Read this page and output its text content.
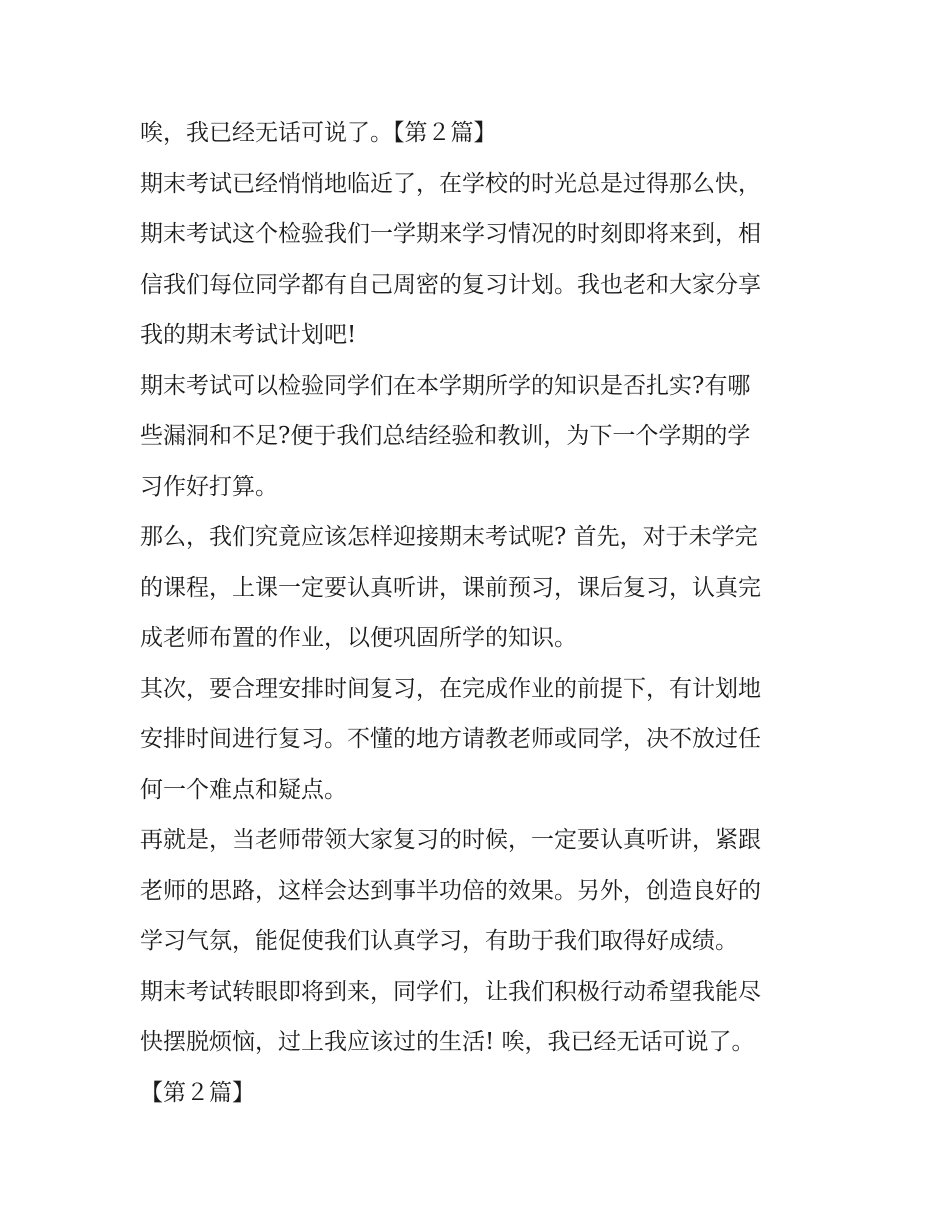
唉，我已经无话可说了。【第２篇】
期末考试已经悄悄地临近了，在学校的时光总是过得那么快，
期末考试这个检验我们一学期来学习情况的时刻即将来到，相
信我们每位同学都有自己周密的复习计划。我也老和大家分享
我的期末考试计划吧!
期末考试可以检验同学们在本学期所学的知识是否扎实?有哪
些漏洞和不足?便于我们总结经验和教训，为下一个学期的学
习作好打算。
那么，我们究竟应该怎样迎接期末考试呢? 首先，对于未学完
的课程，上课一定要认真听讲，课前预习，课后复习，认真完
成老师布置的作业，以便巩固所学的知识。
其次，要合理安排时间复习，在完成作业的前提下，有计划地
安排时间进行复习。不懂的地方请教老师或同学，决不放过任
何一个难点和疑点。
再就是，当老师带领大家复习的时候，一定要认真听讲，紧跟
老师的思路，这样会达到事半功倍的效果。另外，创造良好的
学习气氛，能促使我们认真学习，有助于我们取得好成绩。
期末考试转眼即将到来，同学们，让我们积极行动希望我能尽
快摆脱烦恼，过上我应该过的生活! 唉，我已经无话可说了。
【第２篇】
